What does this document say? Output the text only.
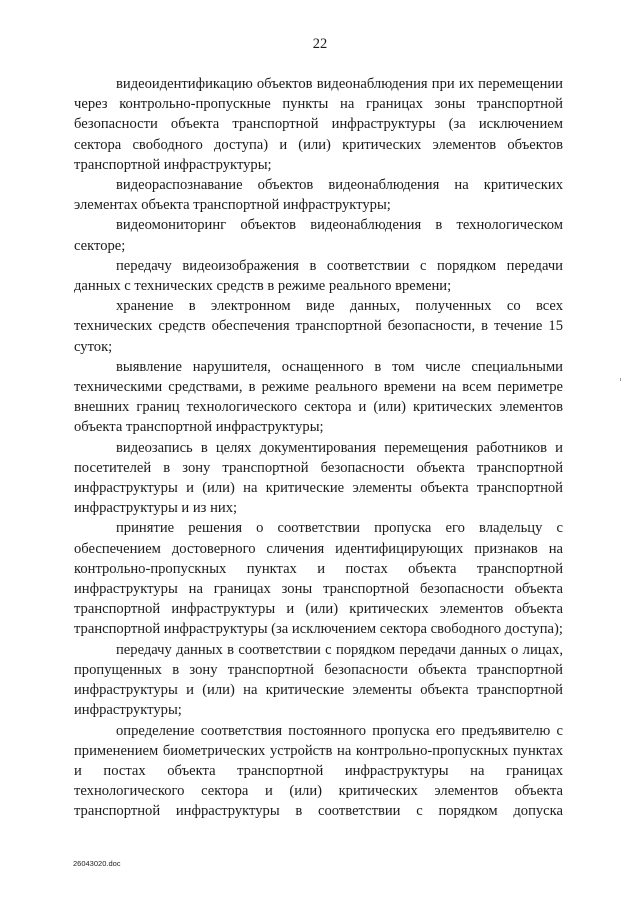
22

видеоидентификацию объектов видеонаблюдения при их перемещении через контрольно-пропускные пункты на границах зоны транспортной безопасности объекта транспортной инфраструктуры (за исключением сектора свободного доступа) и (или) критических элементов объектов транспортной инфраструктуры;

видеораспознавание объектов видеонаблюдения на критических элементах объекта транспортной инфраструктуры;

видеомониторинг объектов видеонаблюдения в технологическом секторе;

передачу видеоизображения в соответствии с порядком передачи данных с технических средств в режиме реального времени;

хранение в электронном виде данных, полученных со всех технических средств обеспечения транспортной безопасности, в течение 15 суток;

выявление нарушителя, оснащенного в том числе специальными техническими средствами, в режиме реального времени на всем периметре внешних границ технологического сектора и (или) критических элементов объекта транспортной инфраструктуры;

видеозапись в целях документирования перемещения работников и посетителей в зону транспортной безопасности объекта транспортной инфраструктуры и (или) на критические элементы объекта транспортной инфраструктуры и из них;

принятие решения о соответствии пропуска его владельцу с обеспечением достоверного сличения идентифицирующих признаков на контрольно-пропускных пунктах и постах объекта транспортной инфраструктуры на границах зоны транспортной безопасности объекта транспортной инфраструктуры и (или) критических элементов объекта транспортной инфраструктуры (за исключением сектора свободного доступа);

передачу данных в соответствии с порядком передачи данных о лицах, пропущенных в зону транспортной безопасности объекта транспортной инфраструктуры и (или) на критические элементы объекта транспортной инфраструктуры;

определение соответствия постоянного пропуска его предъявителю с применением биометрических устройств на контрольно-пропускных пунктах и постах объекта транспортной инфраструктуры на границах технологического сектора и (или) критических элементов объекта транспортной инфраструктуры в соответствии с порядком допуска

26043020.doc
